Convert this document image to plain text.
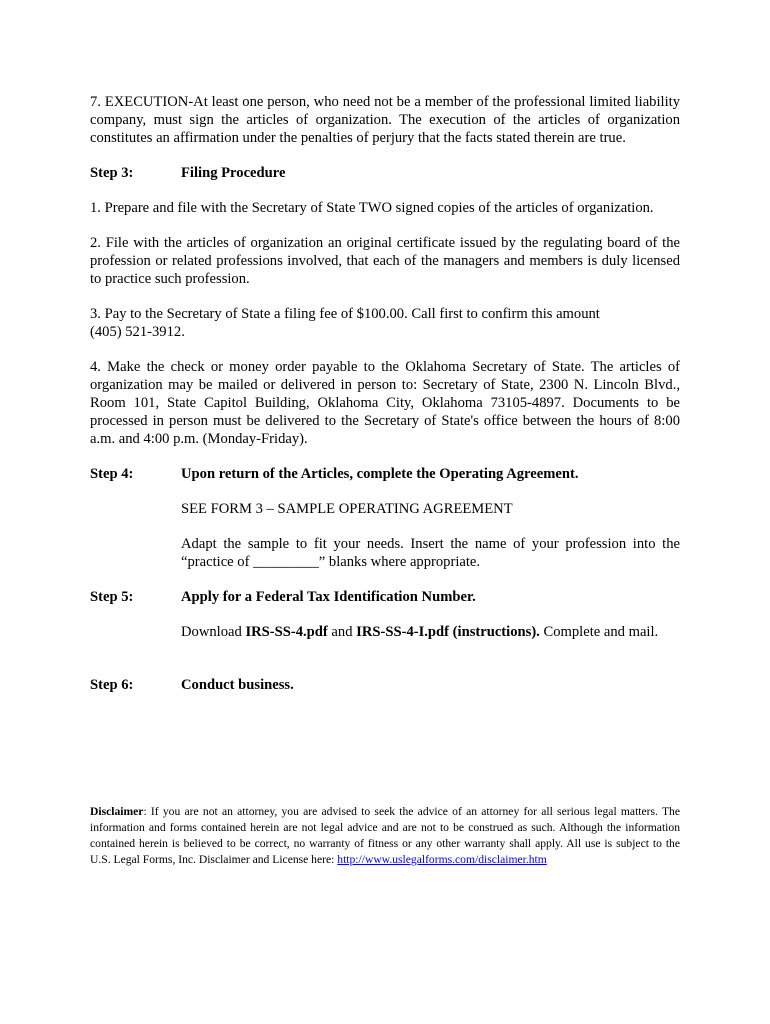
7. EXECUTION-At least one person, who need not be a member of the professional limited liability company, must sign the articles of organization. The execution of the articles of organization constitutes an affirmation under the penalties of perjury that the facts stated therein are true.

Step 3:	Filing Procedure

1. Prepare and file with the Secretary of State TWO signed copies of the articles of organization.

2. File with the articles of organization an original certificate issued by the regulating board of the profession or related professions involved, that each of the managers and members is duly licensed to practice such profession.

3. Pay to the Secretary of State a filing fee of $100.00. Call first to confirm this amount
(405) 521-3912.

4. Make the check or money order payable to the Oklahoma Secretary of State. The articles of organization may be mailed or delivered in person to: Secretary of State, 2300 N. Lincoln Blvd., Room 101, State Capitol Building, Oklahoma City, Oklahoma 73105-4897. Documents to be processed in person must be delivered to the Secretary of State's office between the hours of 8:00 a.m. and 4:00 p.m. (Monday-Friday).

Step 4:	Upon return of the Articles, complete the Operating Agreement.

SEE FORM 3 – SAMPLE OPERATING AGREEMENT

Adapt the sample to fit your needs. Insert the name of your profession into the “practice of _________” blanks where appropriate.

Step 5:	Apply for a Federal Tax Identification Number.

Download IRS-SS-4.pdf and IRS-SS-4-I.pdf (instructions). Complete and mail.

Step 6:	Conduct business.
Disclaimer: If you are not an attorney, you are advised to seek the advice of an attorney for all serious legal matters. The information and forms contained herein are not legal advice and are not to be construed as such. Although the information contained herein is believed to be correct, no warranty of fitness or any other warranty shall apply. All use is subject to the U.S. Legal Forms, Inc. Disclaimer and License here: http://www.uslegalforms.com/disclaimer.htm
